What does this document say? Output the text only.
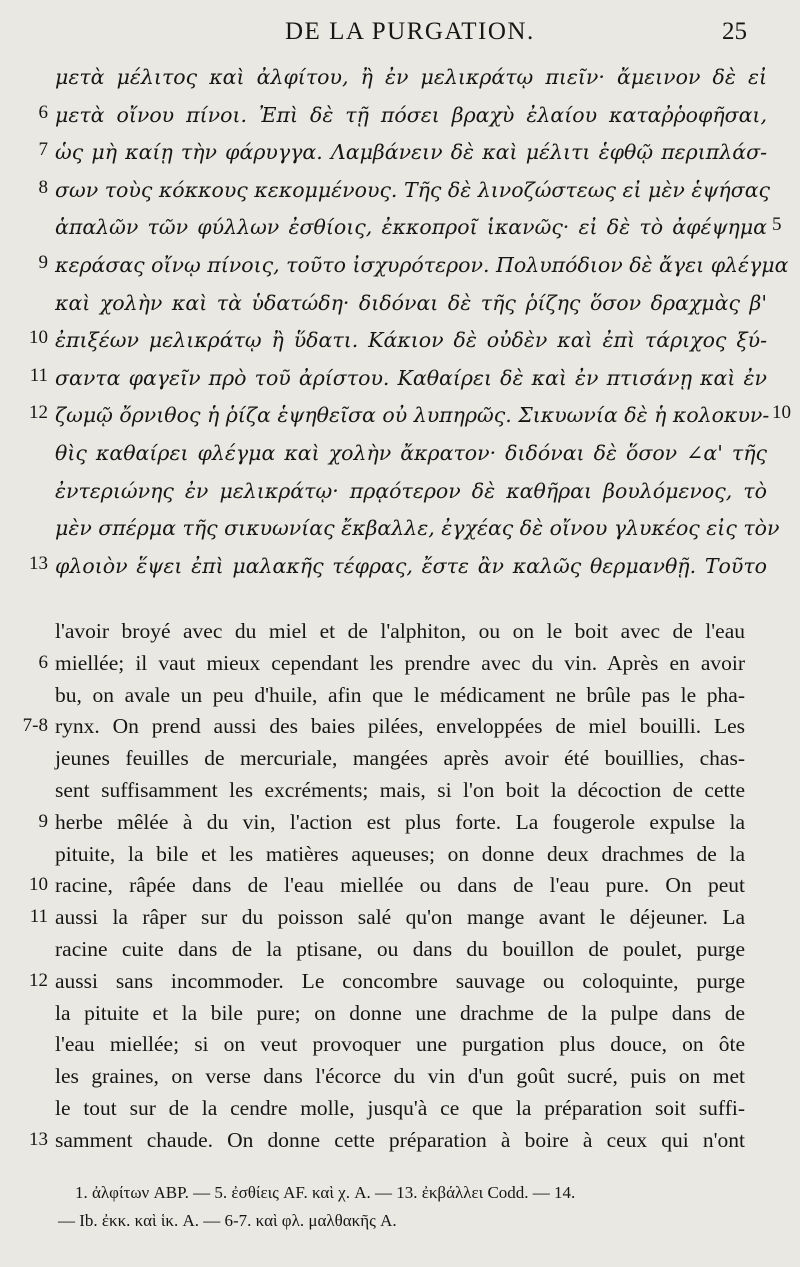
DE LA PURGATION.	25
μετὰ μέλιτος καὶ ἀλφίτου, ἢ ἐν μελικράτῳ πιεῖν· ἄμεινον δὲ εἰ
6 μετὰ οἴνου πίνοι. Ἐπὶ δὲ τῇ πόσει βραχὺ ἐλαίου καταῤῥοφῆσαι,
7 ὡς μὴ καίῃ τὴν φάρυγγα. Λαμβάνειν δὲ καὶ μέλιτι ἑφθῷ περιπλάσ-
8 σων τοὺς κόκκους κεκομμένους. Τῆς δὲ λινοζώστεως εἰ μὲν ἑψήσας
ἁπαλῶν τῶν φύλλων ἐσθίοις, ἐκκοπροῖ ἱκανῶς· εἰ δὲ τὸ ἀφέψημα 5
9 κεράσας οἴνῳ πίνοις, τοῦτο ἰσχυρότερον. Πολυπόδιον δὲ ἄγει φλέγμα
καὶ χολὴν καὶ τὰ ὑδατώδη· διδόναι δὲ τῆς ῥίζης ὅσον δραχμὰς β'
10 ἐπιξέων μελικράτῳ ἢ ὕδατι. Κάκιον δὲ οὐδὲν καὶ ἐπὶ τάριχος ξύ-
11 σαντα φαγεῖν πρὸ τοῦ ἀρίστου. Καθαίρει δὲ καὶ ἐν πτισάνῃ καὶ ἐν
12 ζωμῷ ὄρνιθος ἡ ῥίζα ἑψηθεῖσα οὐ λυπηρῶς. Σικυωνία δὲ ἡ κολοκυν- 10
θὶς καθαίρει φλέγμα καὶ χολὴν ἄκρατον· διδόναι δὲ ὅσον ∠α' τῆς
ἐντεριώνης ἐν μελικράτῳ· πρᾳότερον δὲ καθῆραι βουλόμενος, τὸ
μὲν σπέρμα τῆς σικυωνίας ἔκβαλλε, ἐγχέας δὲ οἴνου γλυκέος εἰς τὸν
13 φλοιὸν ἕψει ἐπὶ μαλακῆς τέφρας, ἔστε ἂν καλῶς θερμανθῇ. Τοῦτο
l'avoir broyé avec du miel et de l'alphiton, ou on le boit avec de l'eau
6 miellée; il vaut mieux cependant les prendre avec du vin. Après en avoir
bu, on avale un peu d'huile, afin que le médicament ne brûle pas le pha-
7-8 rynx. On prend aussi des baies pilées, enveloppées de miel bouilli. Les
jeunes feuilles de mercuriale, mangées après avoir été bouillies, chas-
sent suffisamment les excréments; mais, si l'on boit la décoction de cette
9 herbe mêlée à du vin, l'action est plus forte. La fougerole expulse la
pituite, la bile et les matières aqueuses; on donne deux drachmes de la
10 racine, râpée dans de l'eau miellée ou dans de l'eau pure. On peut
11 aussi la râper sur du poisson salé qu'on mange avant le déjeuner. La
racine cuite dans de la ptisane, ou dans du bouillon de poulet, purge
12 aussi sans incommoder. Le concombre sauvage ou coloquinte, purge
la pituite et la bile pure; on donne une drachme de la pulpe dans de
l'eau miellée; si on veut provoquer une purgation plus douce, on ôte
les graines, on verse dans l'écorce du vin d'un goût sucré, puis on met
le tout sur de la cendre molle, jusqu'à ce que la préparation soit suffi-
13 samment chaude. On donne cette préparation à boire à ceux qui n'ont
1. ἀλφίτων ABP. — 5. ἐσθίεις AF. καὶ χ. A. — 13. ἐκβάλλει Codd. — 14.
— Ib. ἐκκ. καὶ ἱκ. A. — 6-7. καὶ φλ. μαλθακῆς A.
